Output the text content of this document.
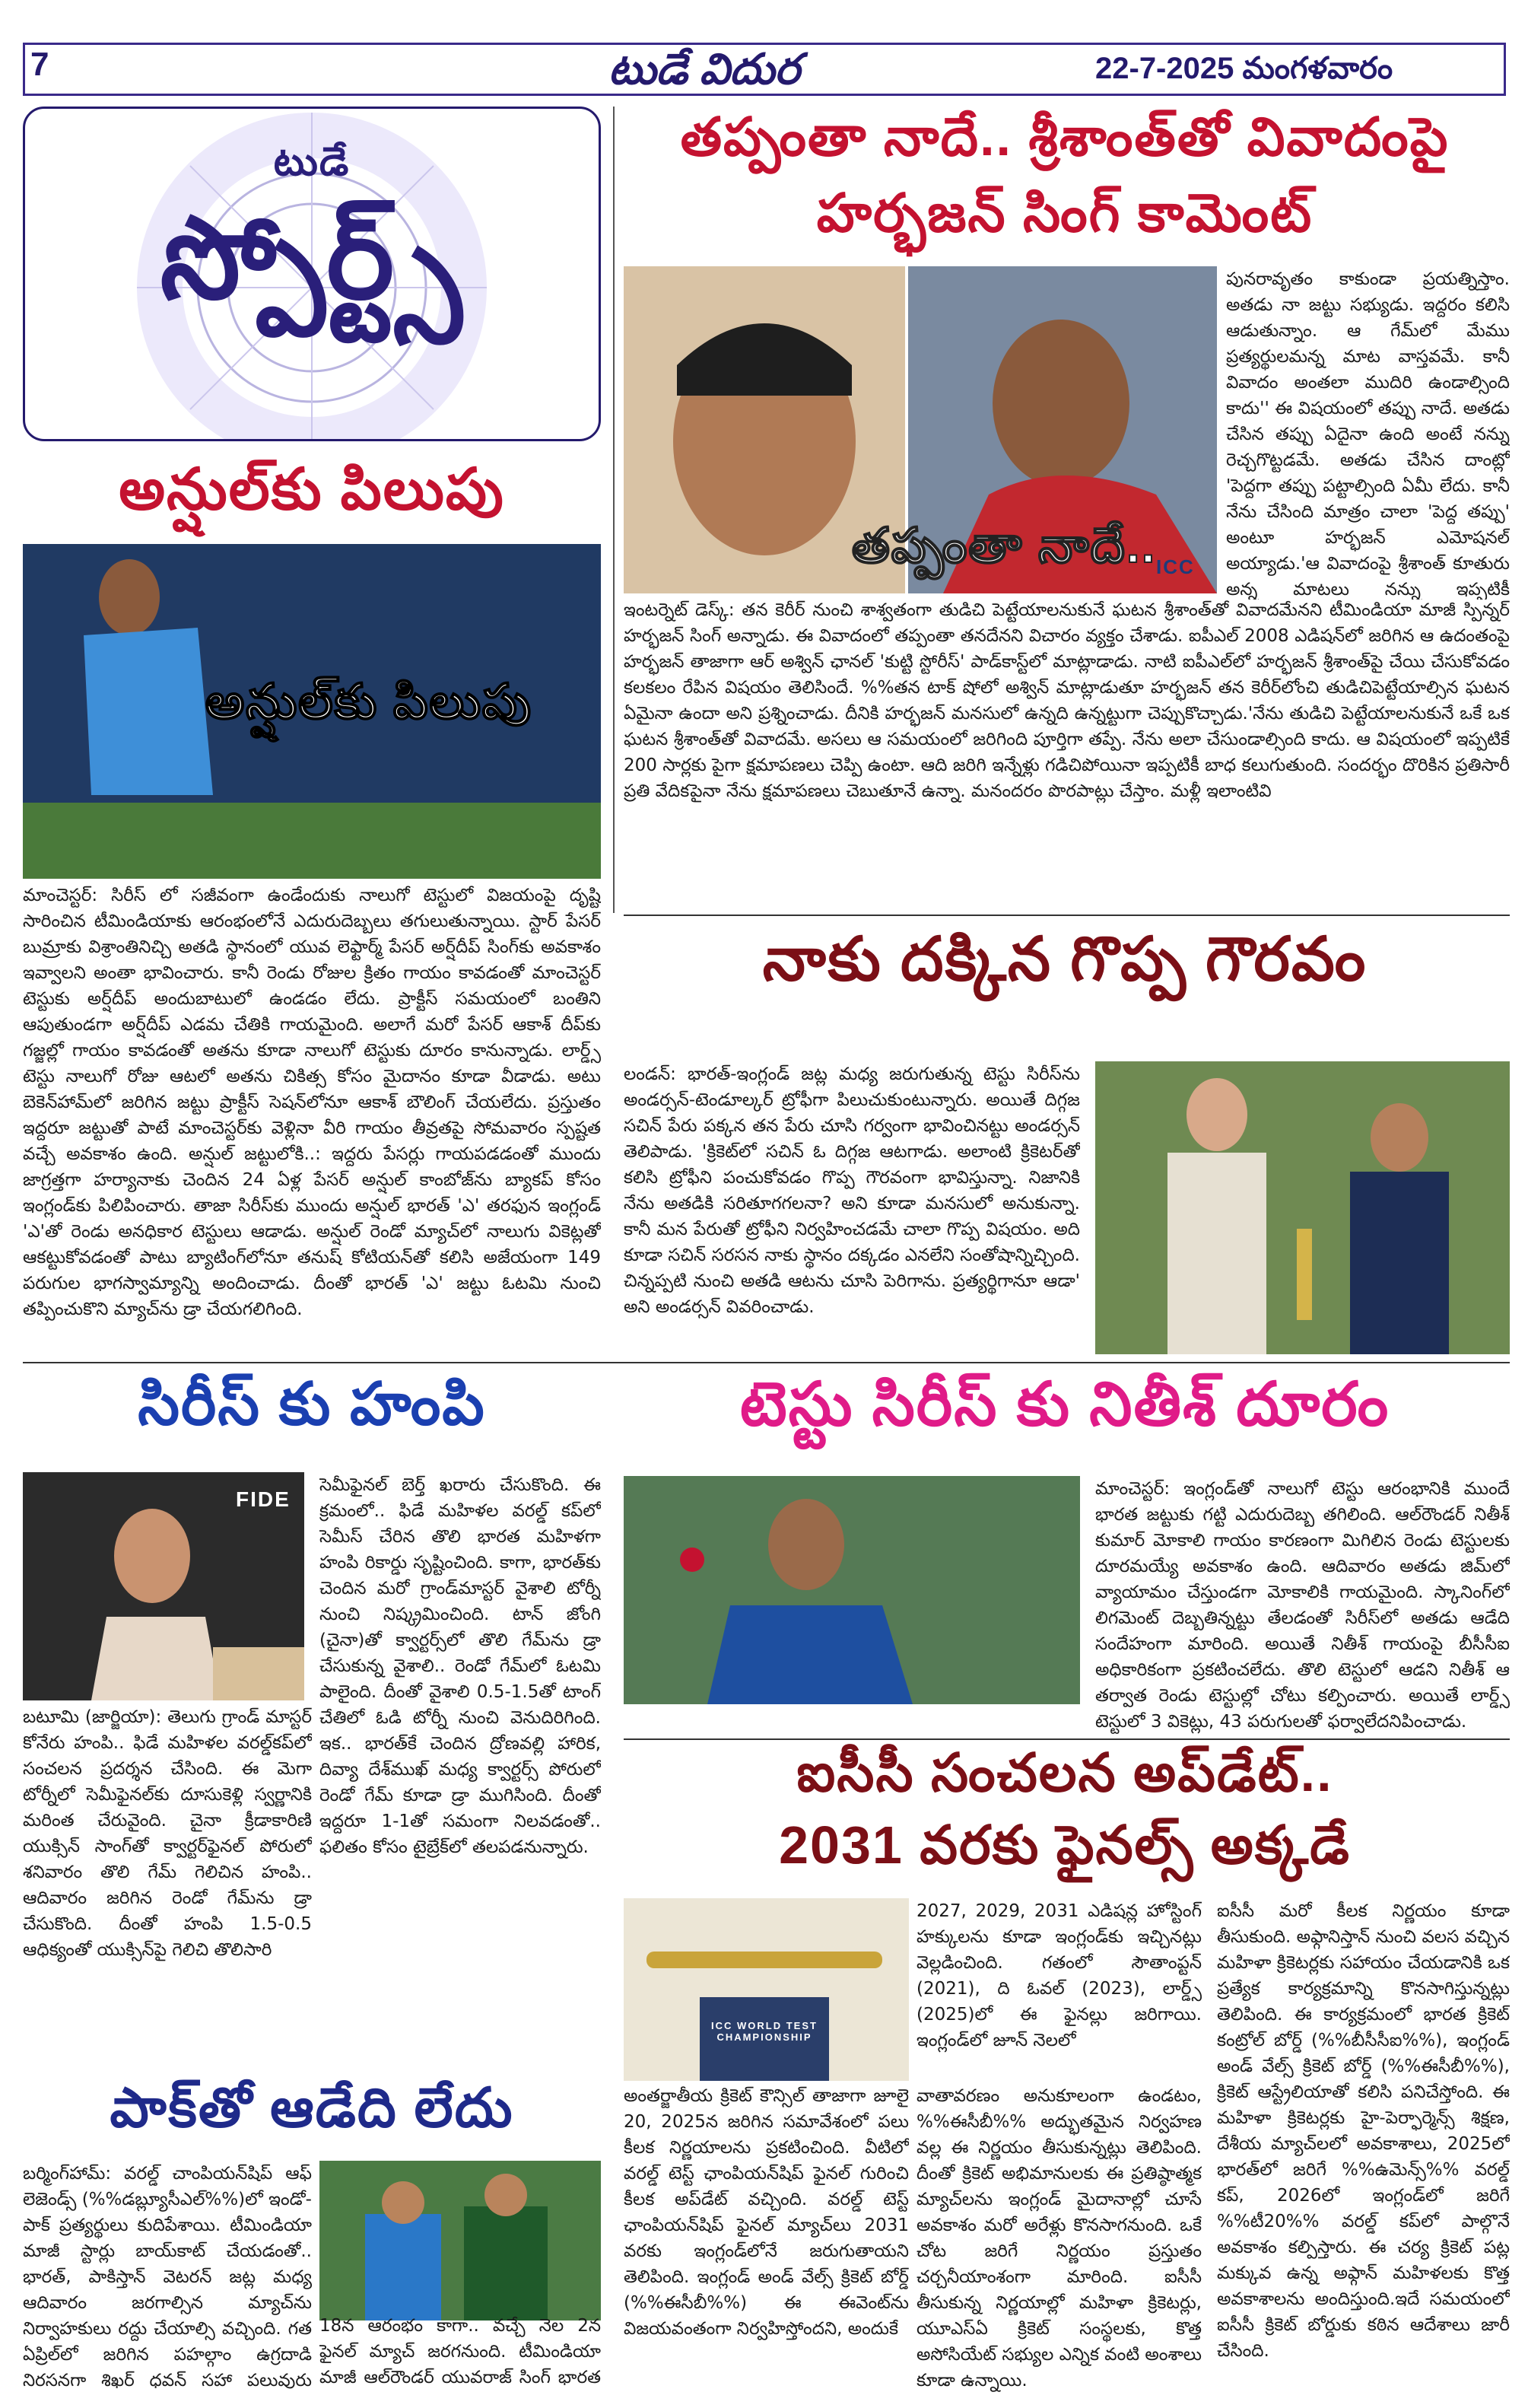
7	టుడే విదుర	22-7-2025 మంగళవారం
టుడే
స్పోర్ట్స్
తప్పంతా నాదే.. శ్రీశాంత్‌తో వివాదంపై
హర్భజన్ సింగ్ కామెంట్
తప్పంతా నాదే.. ICC
ఇంటర్నెట్ డెస్క్: తన కెరీర్ నుంచి శాశ్వతంగా తుడిచి పెట్టేయాలనుకునే ఘటన శ్రీశాంత్‌తో వివాదమేనని టీమిండియా మాజీ స్పిన్నర్ హర్భజన్ సింగ్ అన్నాడు. ఈ వివాదంలో తప్పంతా తనదేనని విచారం వ్యక్తం చేశాడు. ఐపీఎల్ 2008 ఎడిషన్‌లో జరిగిన ఆ ఉదంతంపై హర్భజన్ తాజాగా ఆర్ అశ్విన్ ఛానల్ 'కుట్టి స్టోరీస్' పాడ్‌కాస్ట్‌లో మాట్లాడాడు. నాటి ఐపీఎల్‌లో హర్భజన్ శ్రీశాంత్‌పై చేయి చేసుకోవడం కలకలం రేపిన విషయం తెలిసిందే. %%తన టాక్ షోలో అశ్విన్ మాట్లాడుతూ హర్భజన్ తన కెరీర్‌లోంచి తుడిచిపెట్టేయాల్సిన ఘటన ఏమైనా ఉందా అని ప్రశ్నించాడు. దీనికి హర్భజన్ మనసులో ఉన్నది ఉన్నట్టుగా చెప్పుకొచ్చాడు.'నేను తుడిచి పెట్టేయాలనుకునే ఒకే ఒక ఘటన శ్రీశాంత్‌తో వివాదమే. అసలు ఆ సమయంలో జరిగింది పూర్తిగా తప్పే. నేను అలా చేసుండాల్సింది కాదు. ఆ విషయంలో ఇప్పటికే 200 సార్లకు పైగా క్షమాపణలు చెప్పి ఉంటా. ఆది జరిగి ఇన్నేళ్లు గడిచిపోయినా ఇప్పటికీ బాధ కలుగుతుంది. సందర్భం దొరికిన ప్రతిసారీ ప్రతి వేదికపైనా నేను క్షమాపణలు చెబుతూనే ఉన్నా. మనందరం పొరపాట్లు చేస్తాం. మళ్లీ ఇలాంటివి
పునరావృతం కాకుండా ప్రయత్నిస్తాం. అతడు నా జట్టు సభ్యుడు. ఇద్దరం కలిసి ఆడుతున్నాం. ఆ గేమ్‌లో మేము ప్రత్యర్థులమన్న మాట వాస్తవమే. కానీ వివాదం అంతలా ముదిరి ఉండాల్సింది కాదు'' ఈ విషయంలో తప్పు నాదే. అతడు చేసిన తప్పు ఏదైనా ఉంది అంటే నన్ను రెచ్చగొట్టడమే. అతడు చేసిన దాంట్లో 'పెద్దగా తప్పు పట్టాల్సింది ఏమీ లేదు. కానీ నేను చేసింది మాత్రం చాలా 'పెద్ద తప్పు' అంటూ హర్భజన్ ఎమోషనల్ అయ్యాడు.'ఆ వివాదంపై శ్రీశాంత్ కూతురు అన్న మాటలు నన్ను ఇప్పటికీ
అన్షుల్‌కు పిలుపు
అన్షుల్‌కు పిలుపు
మాంచెస్టర్: సిరీస్ లో సజీవంగా ఉండేందుకు నాలుగో టెస్టులో విజయంపై దృష్టి సారించిన టీమిండియాకు ఆరంభంలోనే ఎదురుదెబ్బలు తగులుతున్నాయి. స్టార్ పేసర్ బుమ్రాకు విశ్రాంతినిచ్చి అతడి స్థానంలో యువ లెఫ్టార్మ్ పేసర్ అర్ష్‌దీప్ సింగ్‌కు అవకాశం ఇవ్వాలని అంతా భావించారు. కానీ రెండు రోజుల క్రితం గాయం కావడంతో మాంచెస్టర్ టెస్టుకు అర్ష్‌దీప్ అందుబాటులో ఉండడం లేదు. ప్రాక్టీస్ సమయంలో బంతిని ఆపుతుండగా అర్ష్‌దీప్ ఎడమ చేతికి గాయమైంది. అలాగే మరో పేసర్ ఆకాశ్ దీప్‌కు గజ్జల్లో గాయం కావడంతో అతను కూడా నాలుగో టెస్టుకు దూరం కానున్నాడు. లార్డ్స్ టెస్టు నాలుగో రోజు ఆటలో అతను చికిత్స కోసం మైదానం కూడా వీడాడు. అటు బెకెన్‌హామ్‌లో జరిగిన జట్టు ప్రాక్టీస్ సెషన్‌లోనూ ఆకాశ్ బౌలింగ్ చేయలేదు. ప్రస్తుతం ఇద్దరూ జట్టుతో పాటే మాంచెస్టర్‌కు వెళ్లినా వీరి గాయం తీవ్రతపై సోమవారం స్పష్టత వచ్చే అవకాశం ఉంది. అన్షుల్ జట్టులోకి..: ఇద్దరు పేసర్లు గాయపడడంతో ముందు జాగ్రత్తగా హర్యానాకు చెందిన 24 ఏళ్ల పేసర్ అన్షుల్ కాంబోజ్‌ను బ్యాకప్ కోసం ఇంగ్లండ్‌కు పిలిపించారు. తాజా సిరీస్‌కు ముందు అన్షుల్ భారత్ 'ఎ' తరఫున ఇంగ్లండ్ 'ఎ'తో రెండు అనధికార టెస్టులు ఆడాడు. అన్షుల్ రెండో మ్యాచ్‌లో నాలుగు వికెట్లతో ఆకట్టుకోవడంతో పాటు బ్యాటింగ్‌లోనూ తనుష్ కోటియన్‌తో కలిసి అజేయంగా 149 పరుగుల భాగస్వామ్యాన్ని అందించాడు. దీంతో భారత్ 'ఎ' జట్టు ఓటమి నుంచి తప్పించుకొని మ్యాచ్‌ను డ్రా చేయగలిగింది.
నాకు దక్కిన గొప్ప గౌరవం
లండన్: భారత్-ఇంగ్లండ్ జట్ల మధ్య జరుగుతున్న టెస్టు సిరీస్‌ను అండర్సన్-టెండూల్కర్ ట్రోఫీగా పిలుచుకుంటున్నారు. అయితే దిగ్గజ సచిన్ పేరు పక్కన తన పేరు చూసి గర్వంగా భావించినట్టు అండర్సన్ తెలిపాడు. 'క్రికెట్‌లో సచిన్ ఓ దిగ్గజ ఆటగాడు. అలాంటి క్రికెటర్‌తో కలిసి ట్రోఫీని పంచుకోవడం గొప్ప గౌరవంగా భావిస్తున్నా. నిజానికి నేను అతడికి సరితూగగలనా? అని కూడా మనసులో అనుకున్నా. కానీ మన పేరుతో ట్రోఫీని నిర్వహించడమే చాలా గొప్ప విషయం. అది కూడా సచిన్ సరసన నాకు స్థానం దక్కడం ఎనలేని సంతోషాన్నిచ్చింది. చిన్నప్పటి నుంచి అతడి ఆటను చూసి పెరిగాను. ప్రత్యర్థిగానూ ఆడా' అని అండర్సన్ వివరించాడు.
సిరీస్ కు హంపి
FIDE
బటూమి (జార్జియా): తెలుగు గ్రాండ్ మాస్టర్ కోనేరు హంపి.. ఫిడే మహిళల వరల్డ్‌కప్‌లో సంచలన ప్రదర్శన చేసింది. ఈ మెగా టోర్నీలో సెమీఫైనల్‌కు దూసుకెళ్లి స్వర్ణానికి మరింత చేరువైంది. చైనా క్రీడాకారిణి యుక్సిన్ సాంగ్‌తో క్వార్టర్‌ఫైనల్ పోరులో శనివారం తొలి గేమ్ గెలిచిన హంపి.. ఆదివారం జరిగిన రెండో గేమ్‌ను డ్రా చేసుకొంది. దీంతో హంపి 1.5-0.5 ఆధిక్యంతో యుక్సిన్‌పై గెలిచి తొలిసారి
సెమీఫైనల్ బెర్త్ ఖరారు చేసుకొంది. ఈ క్రమంలో.. ఫిడే మహిళల వరల్డ్ కప్‌లో సెమీస్ చేరిన తొలి భారత మహిళగా హంపి రికార్డు సృష్టించింది. కాగా, భారత్‌కు చెందిన మరో గ్రాండ్‌మాస్టర్ వైశాలి టోర్నీ నుంచి నిష్క్రమించింది. టాన్ జోంగి (చైనా)తో క్వార్టర్స్‌లో తొలి గేమ్‌ను డ్రా చేసుకున్న వైశాలి.. రెండో గేమ్‌లో ఓటమి పాలైంది. దీంతో వైశాలి 0.5-1.5తో టాంగ్ చేతిలో ఓడి టోర్నీ నుంచి వెనుదిరిగింది. ఇక.. భారత్‌కే చెందిన ద్రోణవల్లి హారిక, దివ్యా దేశ్‌ముఖ్ మధ్య క్వార్టర్స్ పోరులో రెండో గేమ్ కూడా డ్రా ముగిసింది. దీంతో ఇద్దరూ 1-1తో సమంగా నిలవడంతో.. ఫలితం కోసం టైబ్రేక్‌లో తలపడనున్నారు.
టెస్టు సిరీస్ కు నితీశ్ దూరం
మాంచెస్టర్: ఇంగ్లండ్‌తో నాలుగో టెస్టు ఆరంభానికి ముందే భారత జట్టుకు గట్టి ఎదురుదెబ్బ తగిలింది. ఆల్‌రౌండర్ నితీశ్ కుమార్ మోకాలి గాయం కారణంగా మిగిలిన రెండు టెస్టులకు దూరమయ్యే అవకాశం ఉంది. ఆదివారం అతడు జిమ్‌లో వ్యాయామం చేస్తుండగా మోకాలికి గాయమైంది. స్కానింగ్‌లో లిగమెంట్ దెబ్బతిన్నట్టు తేలడంతో సిరీస్‌లో అతడు ఆడేది సందేహంగా మారింది. అయితే నితీశ్ గాయంపై బీసీసీఐ అధికారికంగా ప్రకటించలేదు. తొలి టెస్టులో ఆడని నితీశ్ ఆ తర్వాత రెండు టెస్టుల్లో చోటు కల్పించారు. అయితే లార్డ్స్ టెస్టులో 3 వికెట్లు, 43 పరుగులతో ఫర్వాలేదనిపించాడు.
ఐసీసీ సంచలన అప్‌డేట్..
2031 వరకు ఫైనల్స్ అక్కడే
ICC WORLD TEST CHAMPIONSHIP
2027, 2029, 2031 ఎడిషన్ల హోస్టింగ్ హక్కులను కూడా ఇంగ్లండ్‌కు ఇచ్చినట్లు వెల్లడించింది. గతంలో సౌతాంప్టన్ (2021), ది ఓవల్ (2023), లార్డ్స్ (2025)లో ఈ ఫైనల్లు జరిగాయి. ఇంగ్లండ్‌లో జూన్ నెలలో
అంతర్జాతీయ క్రికెట్ కౌన్సిల్ తాజాగా జూలై 20, 2025న జరిగిన సమావేశంలో పలు కీలక నిర్ణయాలను ప్రకటించింది. వీటిలో వరల్డ్ టెస్ట్ ఛాంపియన్‌షిప్ ఫైనల్ గురించి కీలక అప్‌డేట్ వచ్చింది. వరల్డ్ టెస్ట్ ఛాంపియన్‌షిప్ ఫైనల్ మ్యాచ్‌లు 2031 వరకు ఇంగ్లండ్‌లోనే జరుగుతాయని తెలిపింది. ఇంగ్లండ్ అండ్ వేల్స్ క్రికెట్ బోర్డ్ (%%ఈసీబీ%%) ఈ ఈవెంట్‌ను విజయవంతంగా నిర్వహిస్తోందని, అందుకే
వాతావరణం అనుకూలంగా ఉండటం, %%ఈసీబీ%% అద్భుతమైన నిర్వహణ వల్ల ఈ నిర్ణయం తీసుకున్నట్లు తెలిపింది. దీంతో క్రికెట్ అభిమానులకు ఈ ప్రతిష్ఠాత్మక మ్యాచ్‌లను ఇంగ్లండ్ మైదానాల్లో చూసే అవకాశం మరో అరేళ్లు కొనసాగనుంది. ఒకే చోట జరిగే నిర్ణయం ప్రస్తుతం చర్చనీయాంశంగా మారింది. ఐసీసీ తీసుకున్న నిర్ణయాల్లో మహిళా క్రికెటర్లు, యూఎస్‌ఏ క్రికెట్ సంస్థలకు, కొత్త అసోసియేట్ సభ్యుల ఎన్నిక వంటి అంశాలు కూడా ఉన్నాయి.
ఐసీసీ మరో కీలక నిర్ణయం కూడా తీసుకుంది. అఫ్గానిస్తాన్ నుంచి వలస వచ్చిన మహిళా క్రికెటర్లకు సహాయం చేయడానికి ఒక ప్రత్యేక కార్యక్రమాన్ని కొనసాగిస్తున్నట్లు తెలిపింది. ఈ కార్యక్రమంలో భారత క్రికెట్ కంట్రోల్ బోర్డ్ (%%బీసీసీఐ%%), ఇంగ్లండ్ అండ్ వేల్స్ క్రికెట్ బోర్డ్ (%%ఈసీబీ%%), క్రికెట్ ఆస్ట్రేలియాతో కలిసి పనిచేస్తోంది. ఈ మహిళా క్రికెటర్లకు హై-పెర్ఫార్మెన్స్ శిక్షణ, దేశీయ మ్యాచ్‌లలో అవకాశాలు, 2025లో భారత్‌లో జరిగే %%ఉమెన్స్%% వరల్డ్ కప్, 2026లో ఇంగ్లండ్‌లో జరిగే %%టీ20%% వరల్డ్ కప్‌లో పాల్గొనే అవకాశం కల్పిస్తారు. ఈ చర్య క్రికెట్ పట్ల మక్కువ ఉన్న అఫ్గాన్ మహిళలకు కొత్త అవకాశాలను అందిస్తుంది.ఇదే సమయంలో ఐసీసీ క్రికెట్ బోర్డుకు కఠిన ఆదేశాలు జారీ చేసింది.
పాక్‌తో ఆడేది లేదు
బర్మింగ్‌హామ్: వరల్డ్ చాంపియన్‌షిప్ ఆఫ్ లెజెండ్స్ (%%డబ్ల్యూసీఎల్%%)లో ఇండో-పాక్ ప్రత్యర్థులు కుదిపేశాయి. టీమిండియా మాజీ స్టార్లు బాయ్‌కాట్ చేయడంతో.. భారత్, పాకిస్తాన్ వెటరన్ జట్ల మధ్య ఆదివారం జరగాల్సిన మ్యాచ్‌ను నిర్వాహకులు రద్దు చేయాల్సి వచ్చింది. గత ఏప్రిల్‌లో జరిగిన పహల్గాం ఉగ్రదాడి నిరసనగా శిఖర్ ధవన్ సహా పలువురు
18న ఆరంభం కాగా.. వచ్చే నెల 2న ఫైనల్ మ్యాచ్ జరగనుంది. టీమిండియా మాజీ ఆల్‌రౌండర్ యువరాజ్ సింగ్ భారత
